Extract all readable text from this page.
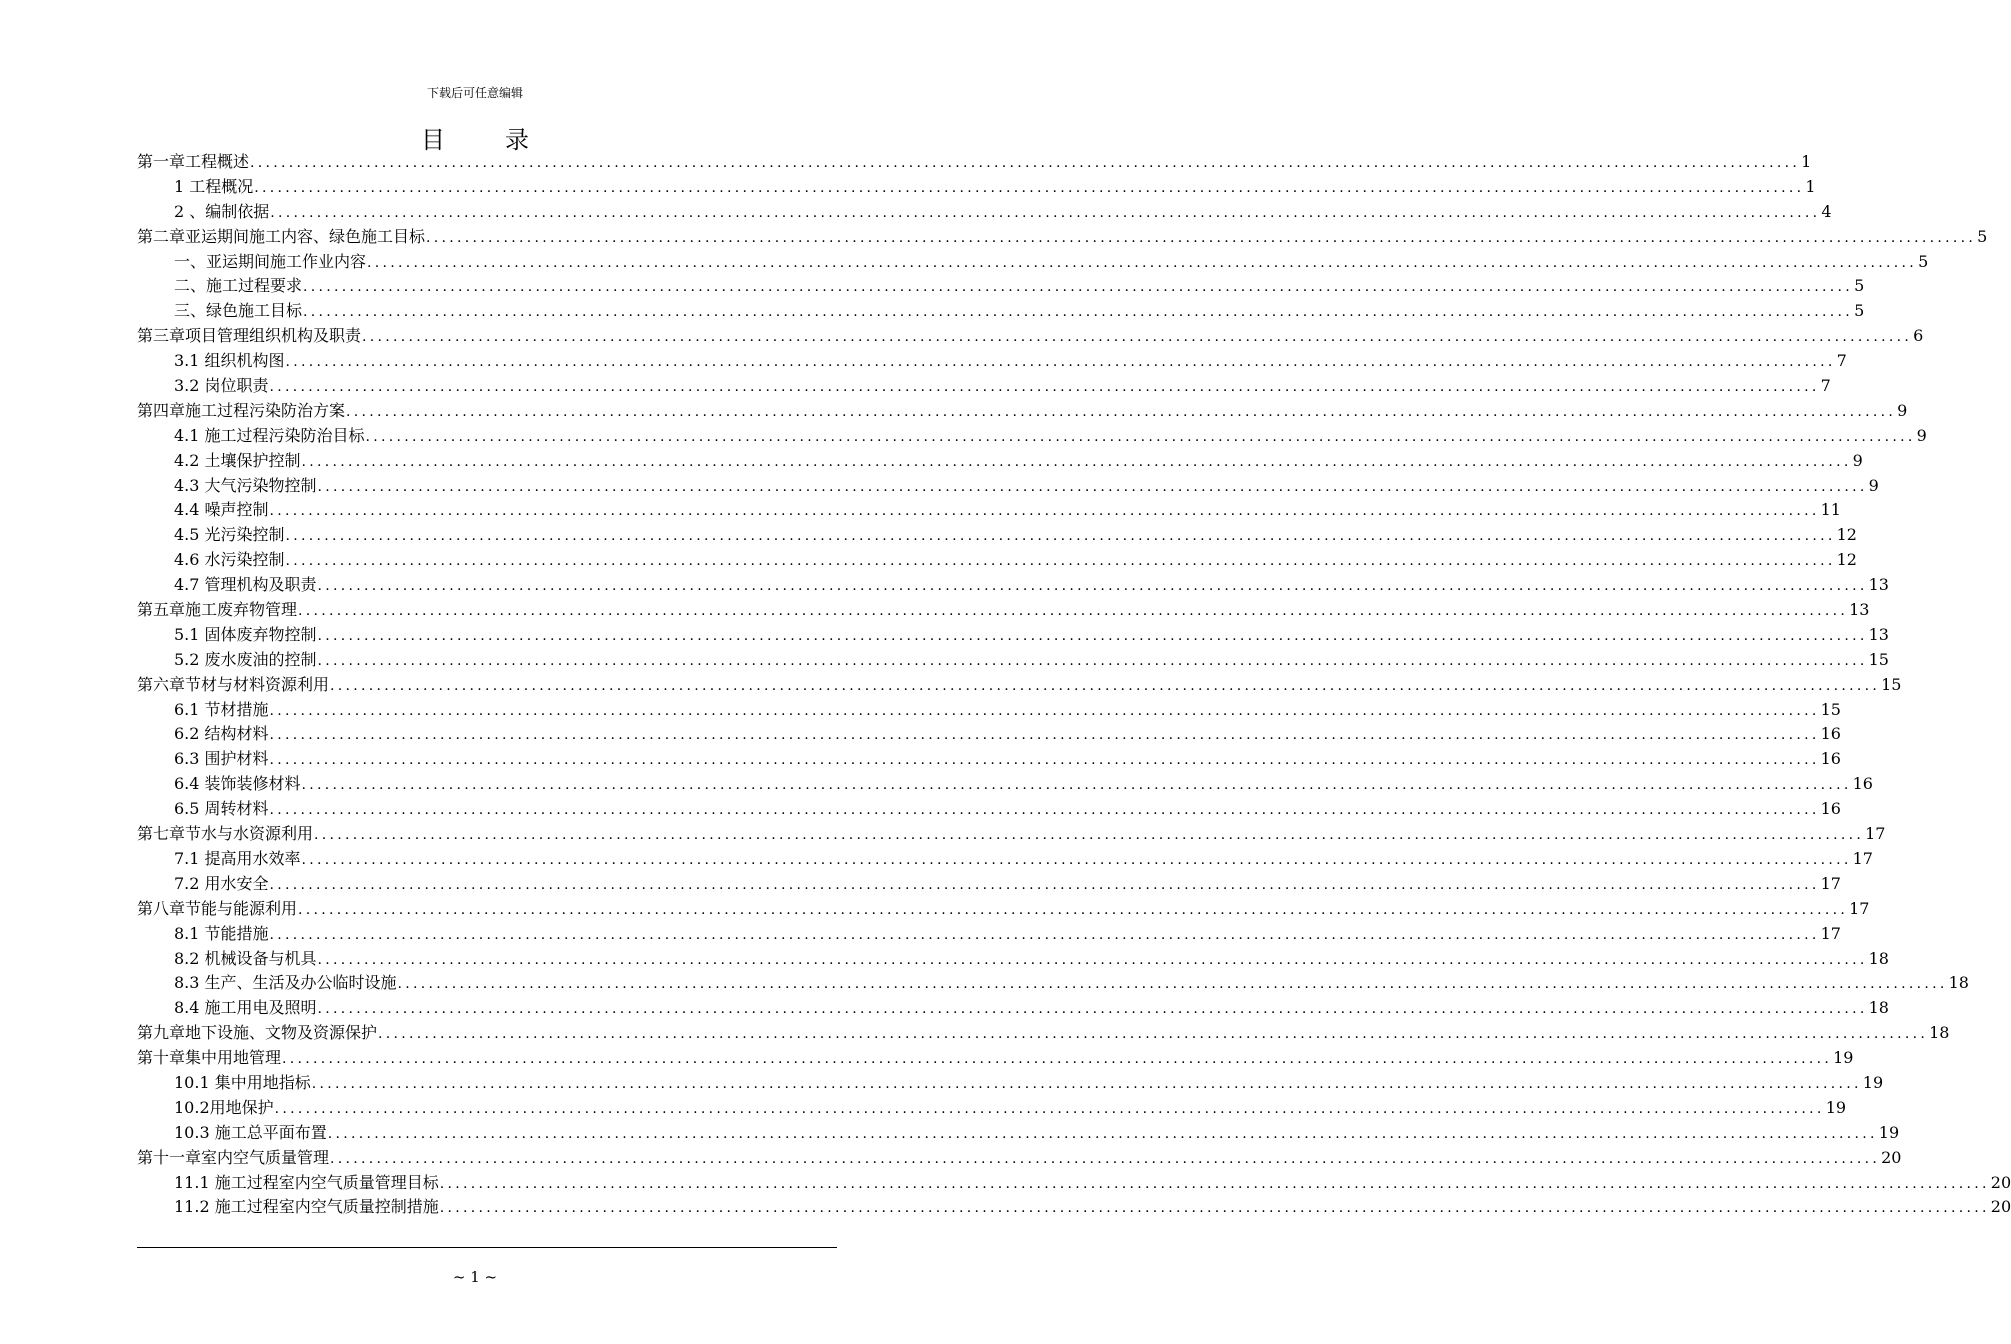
下载后可任意编辑
目录
第一章 工程概述 ........................................................................................................................................................................................................ 1
1 工程概况 ........................................................................................................................................................................................................ 1
2 、编制依据 ........................................................................................................................................................................................................ 4
第二章 亚运期间施工内容、绿色施工目标 ........................................................................................................................................................................................................ 5
一、亚运期间施工作业内容 ........................................................................................................................................................................................................ 5
二、施工过程要求 ........................................................................................................................................................................................................ 5
三、绿色施工目标 ........................................................................................................................................................................................................ 5
第三章 项目管理组织机构及职责 ........................................................................................................................................................................................................ 6
3.1 组织机构图 ........................................................................................................................................................................................................ 7
3.2 岗位职责 ........................................................................................................................................................................................................ 7
第四章 施工过程污染防治方案 ........................................................................................................................................................................................................ 9
4.1 施工过程污染防治目标 ........................................................................................................................................................................................................ 9
4.2 土壤保护控制 ........................................................................................................................................................................................................ 9
4.3 大气污染物控制 ........................................................................................................................................................................................................ 9
4.4 噪声控制 ........................................................................................................................................................................................................ 11
4.5 光污染控制 ........................................................................................................................................................................................................ 12
4.6 水污染控制 ........................................................................................................................................................................................................ 12
4.7 管理机构及职责 ........................................................................................................................................................................................................ 13
第五章 施工废弃物管理 ........................................................................................................................................................................................................ 13
5.1 固体废弃物控制 ........................................................................................................................................................................................................ 13
5.2 废水废油的控制 ........................................................................................................................................................................................................ 15
第六章 节材与材料资源利用 ........................................................................................................................................................................................................ 15
6.1 节材措施 ........................................................................................................................................................................................................ 15
6.2 结构材料 ........................................................................................................................................................................................................ 16
6.3 围护材料 ........................................................................................................................................................................................................ 16
6.4 装饰装修材料 ........................................................................................................................................................................................................ 16
6.5 周转材料 ........................................................................................................................................................................................................ 16
第七章 节水与水资源利用 ........................................................................................................................................................................................................ 17
7.1 提高用水效率 ........................................................................................................................................................................................................ 17
7.2 用水安全 ........................................................................................................................................................................................................ 17
第八章 节能与能源利用 ........................................................................................................................................................................................................ 17
8.1 节能措施 ........................................................................................................................................................................................................ 17
8.2 机械设备与机具 ........................................................................................................................................................................................................ 18
8.3 生产、生活及办公临时设施 ........................................................................................................................................................................................................ 18
8.4 施工用电及照明 ........................................................................................................................................................................................................ 18
第九章 地下设施、文物及资源保护 ........................................................................................................................................................................................................ 18
第十章 集中用地管理 ........................................................................................................................................................................................................ 19
10.1 集中用地指标 ........................................................................................................................................................................................................ 19
10.2用地保护 ........................................................................................................................................................................................................ 19
10.3 施工总平面布置 ........................................................................................................................................................................................................ 19
第十一章 室内空气质量管理 ........................................................................................................................................................................................................ 20
11.1 施工过程室内空气质量管理目标 ........................................................................................................................................................................................................ 20
11.2 施工过程室内空气质量控制措施 ........................................................................................................................................................................................................ 20
~ 1 ~
